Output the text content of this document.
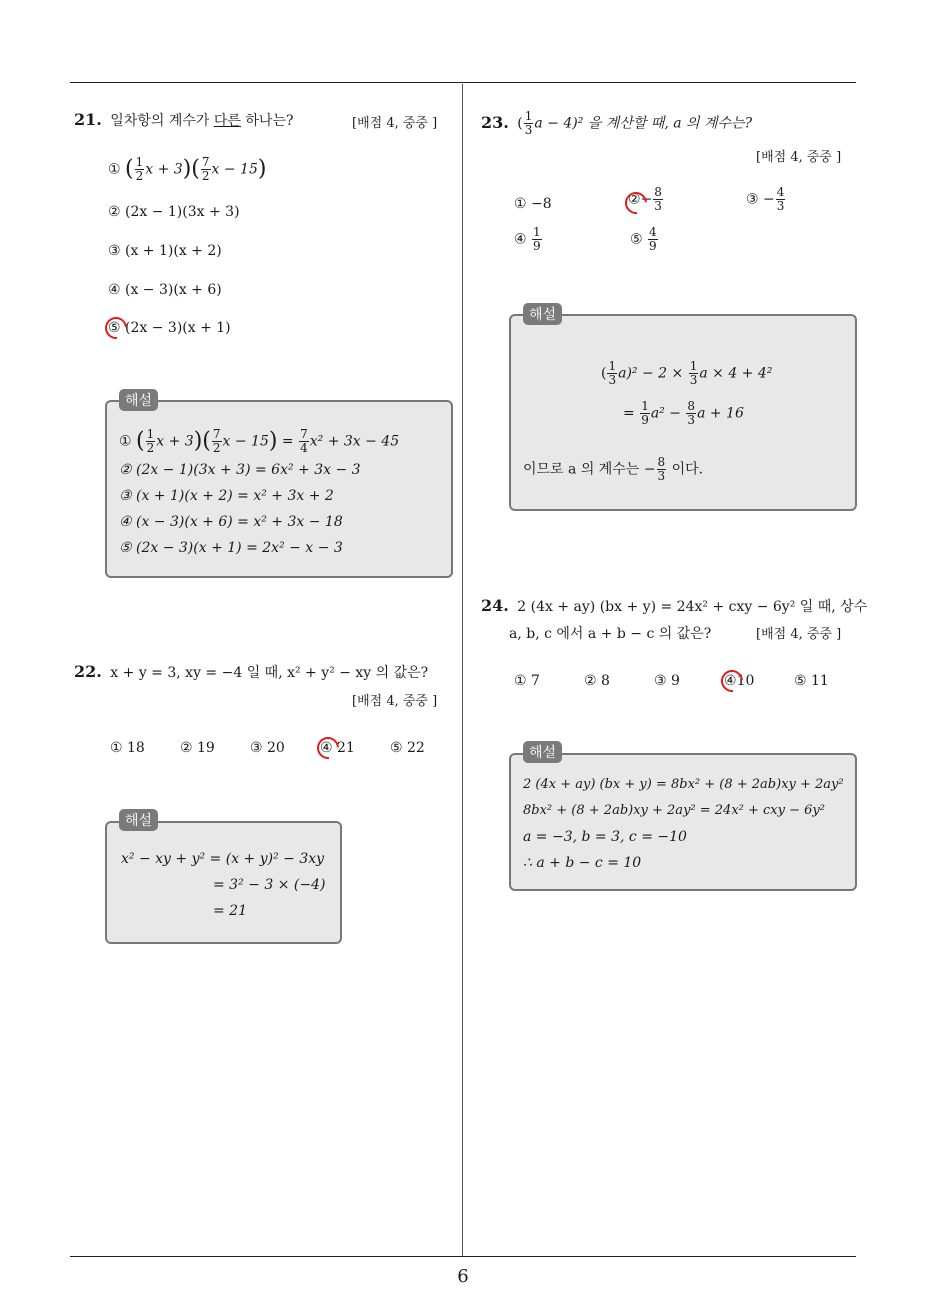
21. 일차항의 계수가 다른 하나는?	[배점 4, 중중 ]
① ( $\frac{1}{2}$ $x + 3)( \frac{7}{2}$ x − 15)
② (2x − 1)(3x + 3)
③ (x + 1)(x + 2)
④ (x − 3)(x + 6)
⑤ (2x − 3)(x + 1)
① ( $\frac{1}{2}$ $x + 3)( \frac{7}{2}$ $x - 15) = \frac{7}{4} x^2 + 3x - 45$
② (2x − 1)(3x + 3) = 6x² + 3x − 3
③ (x + 1)(x + 2) = x² + 3x + 2
④ (x − 3)(x + 6) = x² + 3x − 18
⑤ (2x − 3)(x + 1) = 2x² − x − 3
해설
22. x + y = 3, xy = −4 일 때, x² + y² − xy 의 값은?
[배점 4, 중중 ]
① 18	② 19	③ 20	④ 21	⑤ 22
x² − xy + y² = (x + y)² − 3xy
= 3² − 3 × (−4)
= 21
해설
23. ( $\frac{1}{3}$ a − 4)² 을 계산할 때, a 의 계수는?
[배점 4, 중중 ]
① −8	②− $\frac{8}{3}$	③ − $\frac{4}{3}$
④ $\frac{1}{9}$	⑤ $\frac{4}{9}$
( $\frac{1}{3} a)^2 - 2 \times \frac{1}{3}$ a × 4 + 4²
= $\frac{1}{9} a^2 - \frac{8}{3}$ a + 16
이므로 a 의 계수는 − $\frac{8}{3}$ 이다.
해설
24. 2 (4x + ay) (bx + y) = 24x² + cxy − 6y² 일 때, 상수
a, b, c 에서 a + b − c 의 값은?	[배점 4, 중중 ]
① 7	② 8	③ 9	④10	⑤ 11
2 (4x + ay) (bx + y) = 8bx² + (8 + 2ab)xy + 2ay²
8bx² + (8 + 2ab)xy + 2ay² = 24x² + cxy − 6y²
a = −3, b = 3, c = −10
∴ a + b − c = 10
해설
6
